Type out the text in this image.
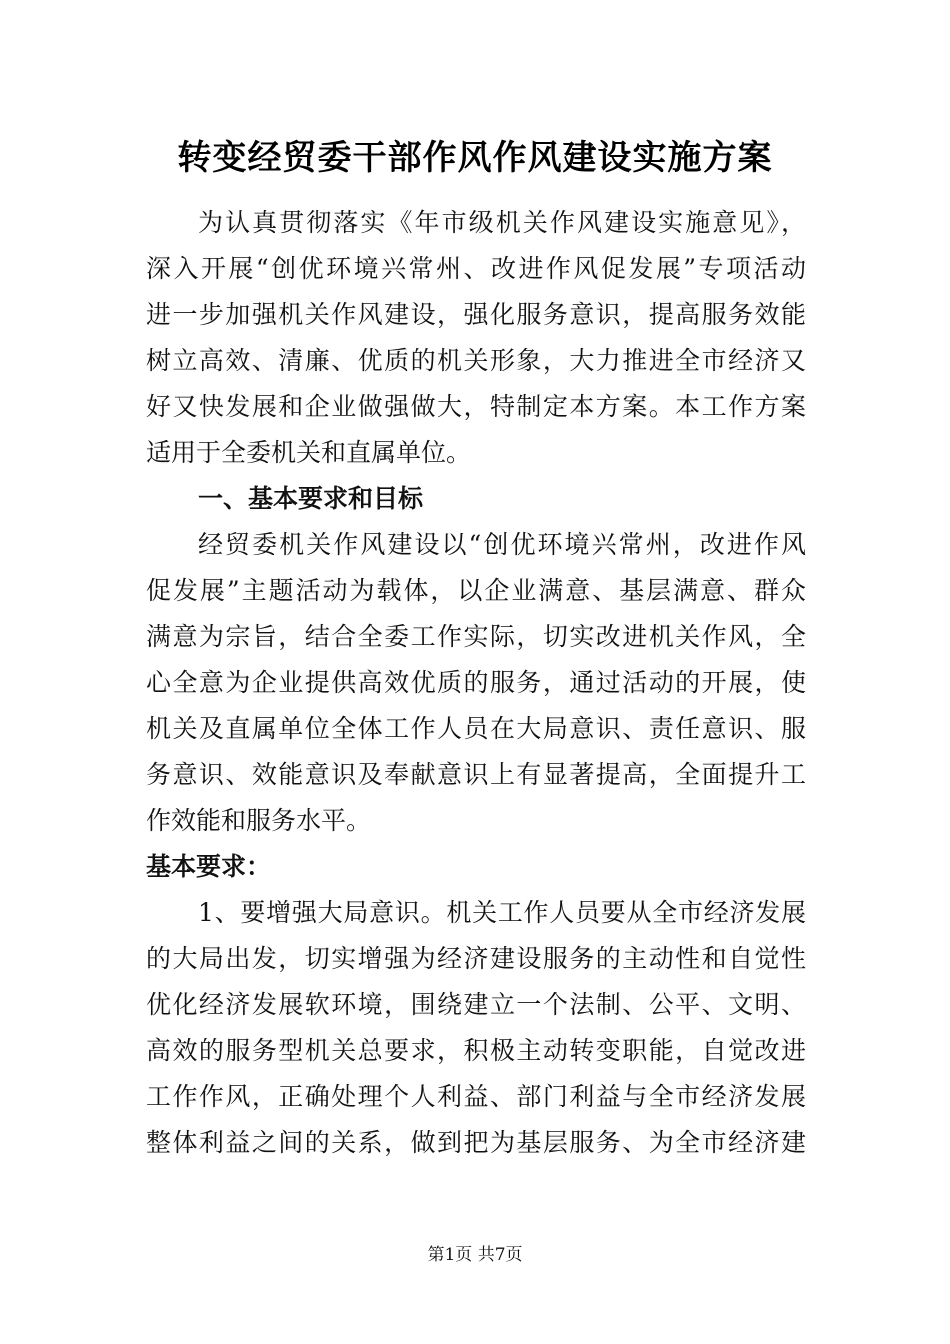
转变经贸委干部作风作风建设实施方案
为认真贯彻落实《年市级机关作风建设实施意见》，
深入开展“创优环境兴常州、改进作风促发展”专项活动
进一步加强机关作风建设，强化服务意识，提高服务效能
树立高效、清廉、优质的机关形象，大力推进全市经济又
好又快发展和企业做强做大，特制定本方案。本工作方案
适用于全委机关和直属单位。
一、基本要求和目标
经贸委机关作风建设以“创优环境兴常州，改进作风
促发展”主题活动为载体，以企业满意、基层满意、群众
满意为宗旨，结合全委工作实际，切实改进机关作风，全
心全意为企业提供高效优质的服务，通过活动的开展，使
机关及直属单位全体工作人员在大局意识、责任意识、服
务意识、效能意识及奉献意识上有显著提高，全面提升工
作效能和服务水平。
基本要求：
1、要增强大局意识。机关工作人员要从全市经济发展
的大局出发，切实增强为经济建设服务的主动性和自觉性
优化经济发展软环境，围绕建立一个法制、公平、文明、
高效的服务型机关总要求，积极主动转变职能，自觉改进
工作作风，正确处理个人利益、部门利益与全市经济发展
整体利益之间的关系，做到把为基层服务、为全市经济建
第1页 共7页
